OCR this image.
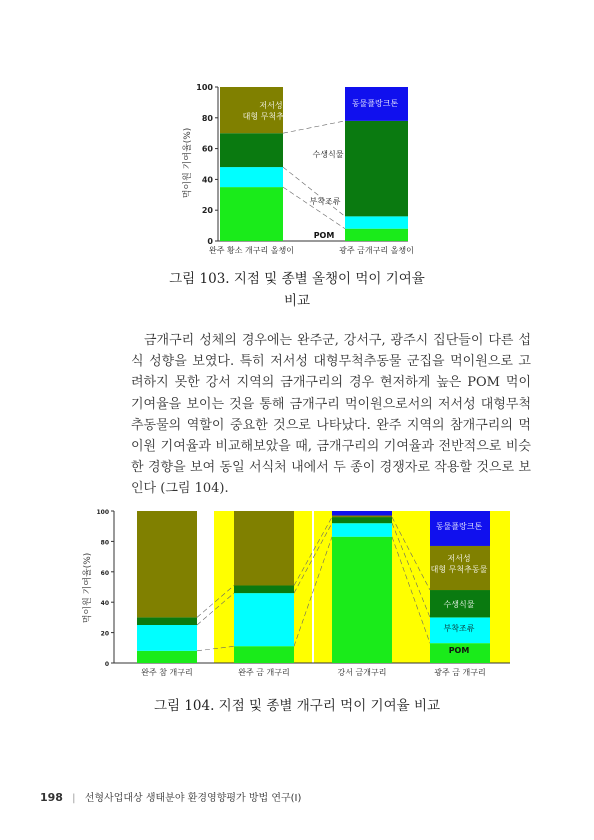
먹이원 기여율(%)
0
20
40
60
80
100
저서성
대형 무척추동물
동물플랑크톤
수생식물
부착조류
POM
완주 황소 개구리 올챙이	광주 금개구리 올챙이
그림 103. 지점 및 종별 올챙이 먹이 기여율
비교

금개구리 성체의 경우에는 완주군, 강서구, 광주시 집단들이 다른 섭식 성향을 보였다. 특히 저서성 대형무척추동물 군집을 먹이원으로 고려하지 못한 강서 지역의 금개구리의 경우 현저하게 높은 POM 먹이 기여율을 보이는 것을 통해 금개구리 먹이원으로서의 저서성 대형무척추동물의 역할이 중요한 것으로 나타났다. 완주 지역의 참개구리의 먹이원 기여율과 비교해보았을 때, 금개구리의 기여율과 전반적으로 비슷한 경향을 보여 동일 서식처 내에서 두 종이 경쟁자로 작용할 것으로 보인다 (그림 104).

먹이원 기여율(%)
0
20
40
60
80
100
동물플랑크톤
저서성
대형 무척추동물
수생식물
부착조류
POM
완주 참 개구리	완주 금 개구리	강서 금개구리	광주 금 개구리
그림 104. 지점 및 종별 개구리 먹이 기여율 비교
198 | 선형사업대상 생태분야 환경영향평가 방법 연구(Ⅰ)
